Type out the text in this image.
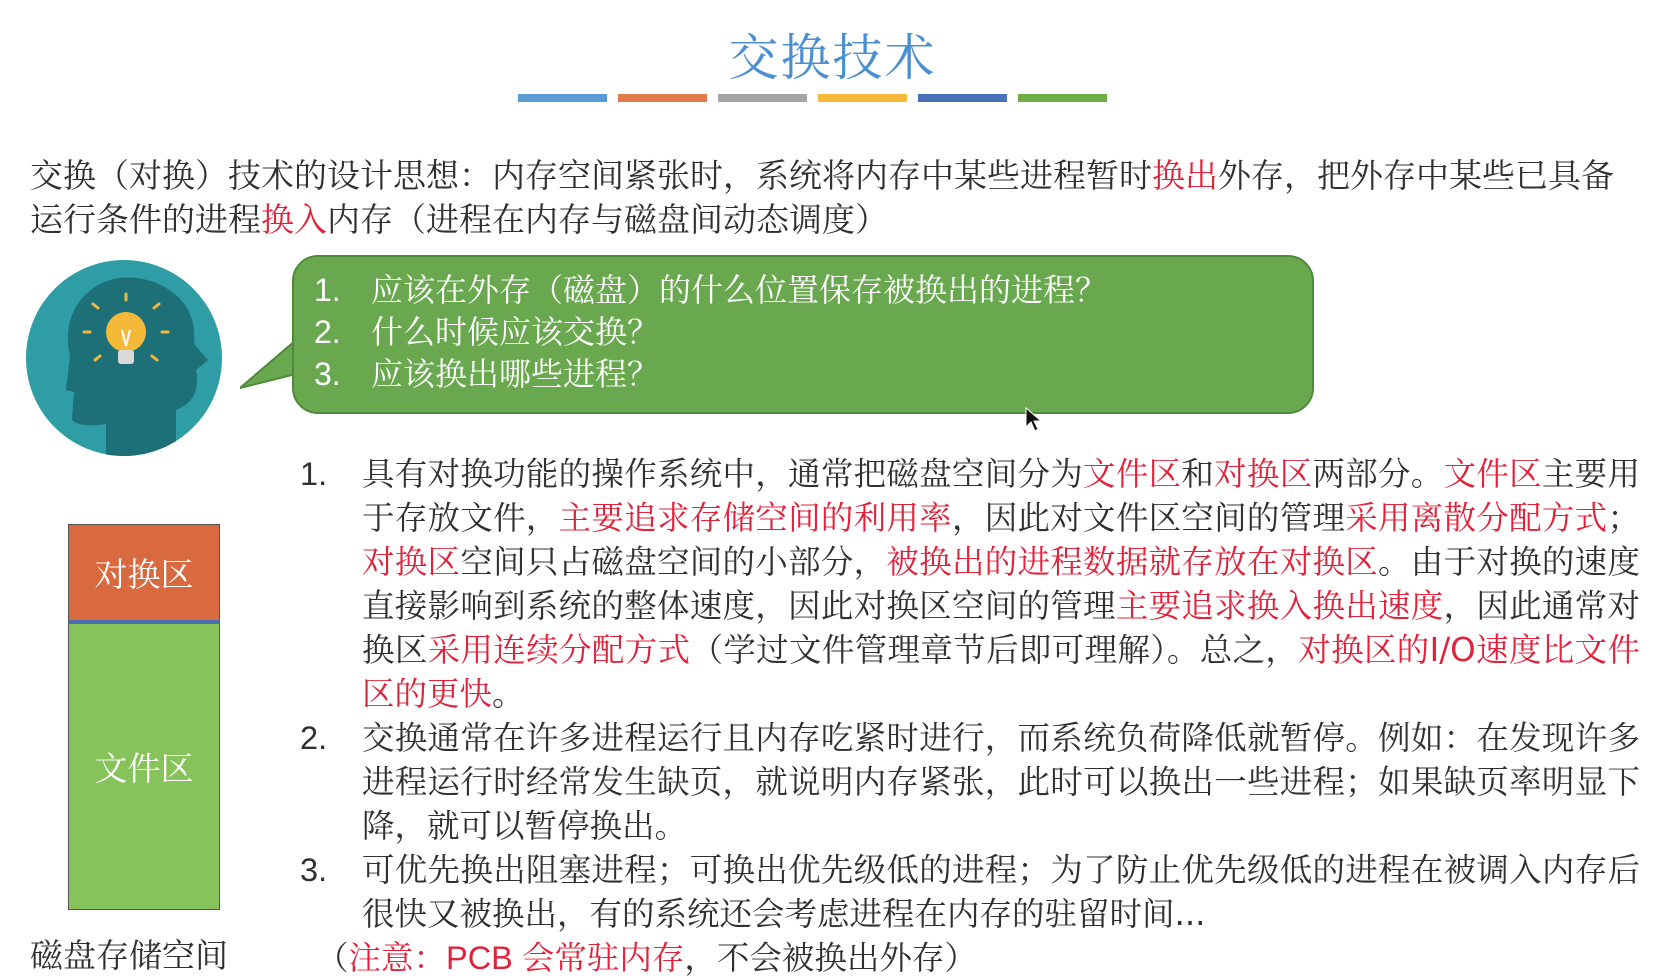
交换技术
交换（对换）技术的设计思想：内存空间紧张时，系统将内存中某些进程暂时换出外存，把外存中某些已具备运行条件的进程换入内存（进程在内存与磁盘间动态调度）
1. 应该在外存（磁盘）的什么位置保存被换出的进程？
2. 什么时候应该交换？
3. 应该换出哪些进程？
1.	具有对换功能的操作系统中，通常把磁盘空间分为文件区和对换区两部分。文件区主要用于存放文件，主要追求存储空间的利用率，因此对文件区空间的管理采用离散分配方式；对换区空间只占磁盘空间的小部分，被换出的进程数据就存放在对换区。由于对换的速度直接影响到系统的整体速度，因此对换区空间的管理主要追求换入换出速度，因此通常对换区采用连续分配方式（学过文件管理章节后即可理解）。总之，对换区的I/O速度比文件区的更快。
2.	交换通常在许多进程运行且内存吃紧时进行，而系统负荷降低就暂停。例如：在发现许多进程运行时经常发生缺页，就说明内存紧张，此时可以换出一些进程；如果缺页率明显下降，就可以暂停换出。
3.	可优先换出阻塞进程；可换出优先级低的进程；为了防止优先级低的进程在被调入内存后很快又被换出，有的系统还会考虑进程在内存的驻留时间...
（注意：PCB 会常驻内存，不会被换出外存）
对换区
文件区
磁盘存储空间
